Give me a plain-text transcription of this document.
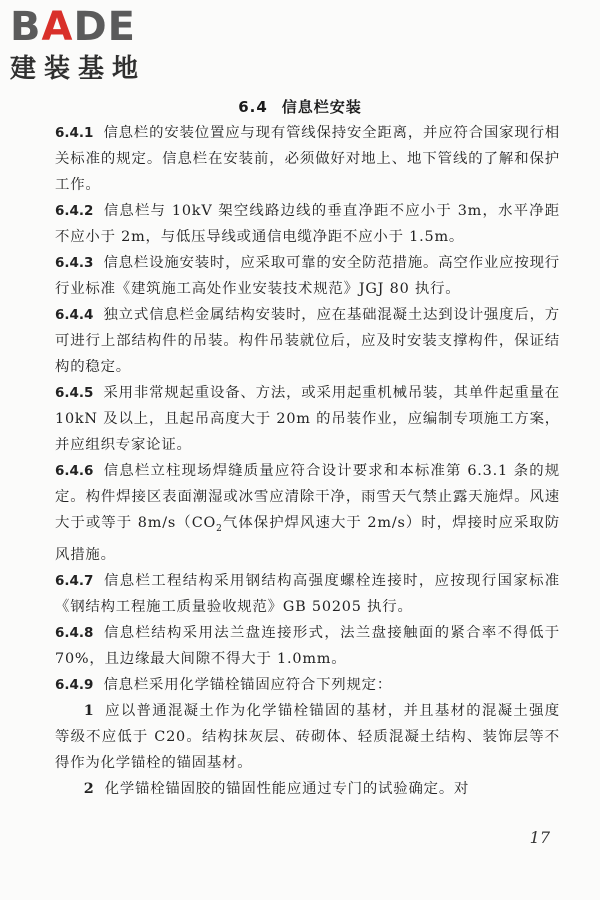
BADE
建装基地
6.4 信息栏安装

6.4.1 信息栏的安装位置应与现有管线保持安全距离，并应符合国家现行相关标准的规定。信息栏在安装前，必须做好对地上、地下管线的了解和保护工作。

6.4.2 信息栏与 10kV 架空线路边线的垂直净距不应小于 3m，水平净距不应小于 2m，与低压导线或通信电缆净距不应小于 1.5m。

6.4.3 信息栏设施安装时，应采取可靠的安全防范措施。高空作业应按现行行业标准《建筑施工高处作业安装技术规范》JGJ 80 执行。

6.4.4 独立式信息栏金属结构安装时，应在基础混凝土达到设计强度后，方可进行上部结构件的吊装。构件吊装就位后，应及时安装支撑构件，保证结构的稳定。

6.4.5 采用非常规起重设备、方法，或采用起重机械吊装，其单件起重量在 10kN 及以上，且起吊高度大于 20m 的吊装作业，应编制专项施工方案，并应组织专家论证。

6.4.6 信息栏立柱现场焊缝质量应符合设计要求和本标准第 6.3.1 条的规定。构件焊接区表面潮湿或冰雪应清除干净，雨雪天气禁止露天施焊。风速大于或等于 $8m/s(CO_2$气体保护焊风速大于 2m/s）时，焊接时应采取防风措施。

6.4.7 信息栏工程结构采用钢结构高强度螺栓连接时，应按现行国家标准《钢结构工程施工质量验收规范》GB 50205 执行。

6.4.8 信息栏结构采用法兰盘连接形式，法兰盘接触面的紧合率不得低于 70%，且边缘最大间隙不得大于 1.0mm。

6.4.9 信息栏采用化学锚栓锚固应符合下列规定：

1 应以普通混凝土作为化学锚栓锚固的基材，并且基材的混凝土强度等级不应低于 C20。结构抹灰层、砖砌体、轻质混凝土结构、装饰层等不得作为化学锚栓的锚固基材。

2 化学锚栓锚固胶的锚固性能应通过专门的试验确定。对

17
